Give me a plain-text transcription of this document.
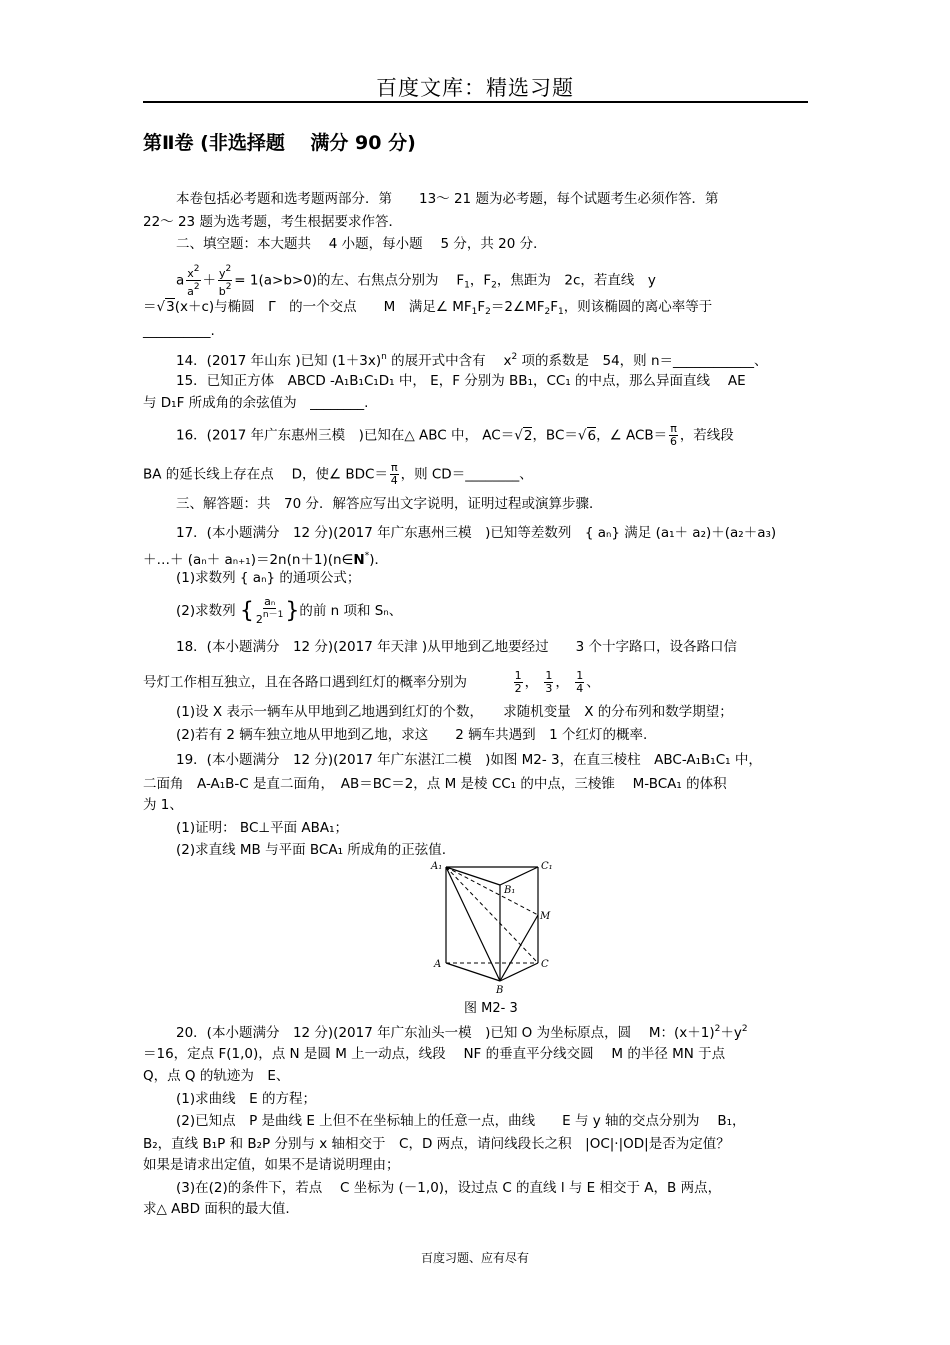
百度文库：精选习题
第Ⅱ卷 (非选择题　 满分 90 分)
本卷包括必考题和选考题两部分．第　　13～ 21 题为必考题，每个试题考生必须作答．第
22～ 23 题为选考题，考生根据要求作答．
二、填空题：本大题共　 4 小题，每小题　 5 分，共 20 分．
a $\frac{x^2}{a^2} + \frac{y^2}{b^2} = 1(a>b>0)$的左、右焦点分别为　 $F_1$，$F_2$，焦距为　2c，若直线　y
＝√3(x＋c)与椭圆　Γ　的一个交点　　M　满足∠ $MF_1F_2=2\angle MF_2F_1$，则该椭圆的离心率等于
__________.
14．(2017 年山东 )已知 $(1+3x)^n$ 的展开式中含有　 $x^2$ 项的系数是　54，则 n＝____________、
15．已知正方体　ABCD -A₁B₁C₁D₁ 中， E，F 分别为 BB₁，CC₁ 的中点，那么异面直线　 AE
与 D₁F 所成角的余弦值为　________.
16．(2017 年广东惠州三模　)已知在△ ABC 中， AC＝√2，BC＝√6，∠ $ACB= \frac{\pi}{6}$ ，若线段
BA 的延长线上存在点　 D，使∠ $BDC= \frac{\pi}{4}$ ，则 CD＝________、
三、解答题：共　70 分．解答应写出文字说明，证明过程或演算步骤．
17．(本小题满分　12 分)(2017 年广东惠州三模　)已知等差数列　{ aₙ} 满足 (a₁＋ a₂)＋(a₂＋a₃)
＋…＋ (aₙ＋ aₙ₊₁)＝2n(n＋1)(n∈N*)．
(1)求数列 { aₙ} 的通项公式；
(2)求数列 { $\frac{\text{aₙ}}{2^{n-1}}$ }的前 n 项和 Sₙ、
18．(本小题满分　12 分)(2017 年天津 )从甲地到乙地要经过　　3 个十字路口，设各路口信
号灯工作相互独立，且在各路口遇到红灯的概率分别为	$\frac{1}{2}$ ， $\frac{1}{3}$ ， $\frac{1}{4}$ 、
(1)设 X 表示一辆车从甲地到乙地遇到红灯的个数，　　求随机变量　X 的分布列和数学期望；
(2)若有 2 辆车独立地从甲地到乙地，求这　　2 辆车共遇到　1 个红灯的概率.
19．(本小题满分　12 分)(2017 年广东湛江二模　)如图 M2- 3，在直三棱柱　ABC-A₁B₁C₁ 中，
二面角　A-A₁B-C 是直二面角，　AB＝BC＝2，点 M 是棱 CC₁ 的中点，三棱锥　 M-BCA₁ 的体积
为 1、
(1)证明： BC⊥平面 ABA₁；
(2)求直线 MB 与平面 BCA₁ 所成角的正弦值.
A₁	C₁
B₁
M
A	C
B
图 M2- 3
20．(本小题满分　12 分)(2017 年广东汕头一模　)已知 O 为坐标原点，圆　 M：$(x+1)^2+y^2$
＝16，定点 F(1,0)，点 N 是圆 M 上一动点，线段　 NF 的垂直平分线交圆　 M 的半径 MN 于点
Q，点 Q 的轨迹为　E、
(1)求曲线　E 的方程；
(2)已知点　P 是曲线 E 上但不在坐标轴上的任意一点，曲线　　E 与 y 轴的交点分别为　 B₁，
B₂，直线 B₁P 和 B₂P 分别与 x 轴相交于　C，D 两点，请问线段长之积　|OC|·|OD|是否为定值？
如果是请求出定值，如果不是请说明理由；
(3)在(2)的条件下，若点　 C 坐标为 (－1,0)，设过点 C 的直线 l 与 E 相交于 A，B 两点，
求△ ABD 面积的最大值.
百度习题、应有尽有
